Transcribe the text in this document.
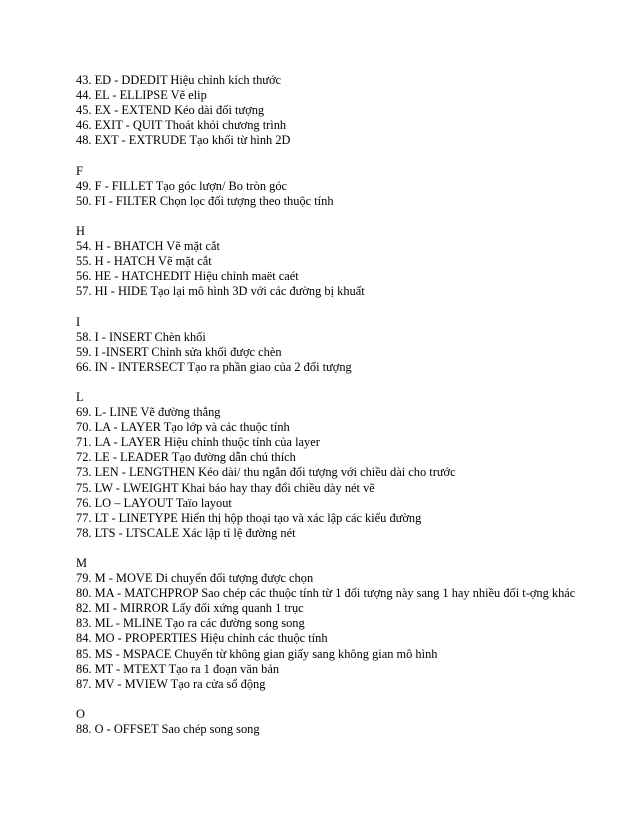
43. ED - DDEDIT Hiệu chỉnh kích thước
44. EL - ELLIPSE Vẽ elip
45. EX - EXTEND Kéo dài đối tượng
46. EXIT - QUIT Thoát khỏi chương trình
48. EXT - EXTRUDE Tạo khối từ hình 2D
F
49. F - FILLET Tạo góc lượn/ Bo tròn góc
50. FI - FILTER Chọn lọc đối tượng theo thuộc tính
H
54. H - BHATCH Vẽ mặt cắt
55. H - HATCH Vẽ mặt cắt
56. HE - HATCHEDIT Hiệu chỉnh maët caét
57. HI - HIDE Tạo lại mô hình 3D với các đường bị khuất
I
58. I - INSERT Chèn khối
59. I -INSERT Chỉnh sửa khối được chèn
66. IN - INTERSECT Tạo ra phần giao của 2 đối tượng
L
69. L- LINE Vẽ đường thẳng
70. LA - LAYER Tạo lớp và các thuộc tính
71. LA - LAYER Hiệu chỉnh thuộc tính của layer
72. LE - LEADER Tạo đường dẫn chú thích
73. LEN - LENGTHEN Kéo dài/ thu ngắn đối tượng với chiều dài cho trước
75. LW - LWEIGHT Khai báo hay thay đổi chiều dày nét vẽ
76. LO – LAYOUT Taïo layout
77. LT - LINETYPE Hiển thị hộp thoại tạo và xác lập các kiểu đường
78. LTS - LTSCALE Xác lập tỉ lệ đường nét
M
79. M - MOVE Di chuyển đối tượng được chọn
80. MA - MATCHPROP Sao chép các thuộc tính từ 1 đối tượng này sang 1 hay nhiều đối t-ợng khác
82. MI - MIRROR Lấy đối xứng quanh 1 trục
83. ML - MLINE Tạo ra các đường song song
84. MO - PROPERTIES Hiệu chỉnh các thuộc tính
85. MS - MSPACE Chuyển từ không gian giấy sang không gian mô hình
86. MT - MTEXT Tạo ra 1 đoạn văn bản
87. MV - MVIEW Tạo ra cửa sổ động
O
88. O - OFFSET Sao chép song song
